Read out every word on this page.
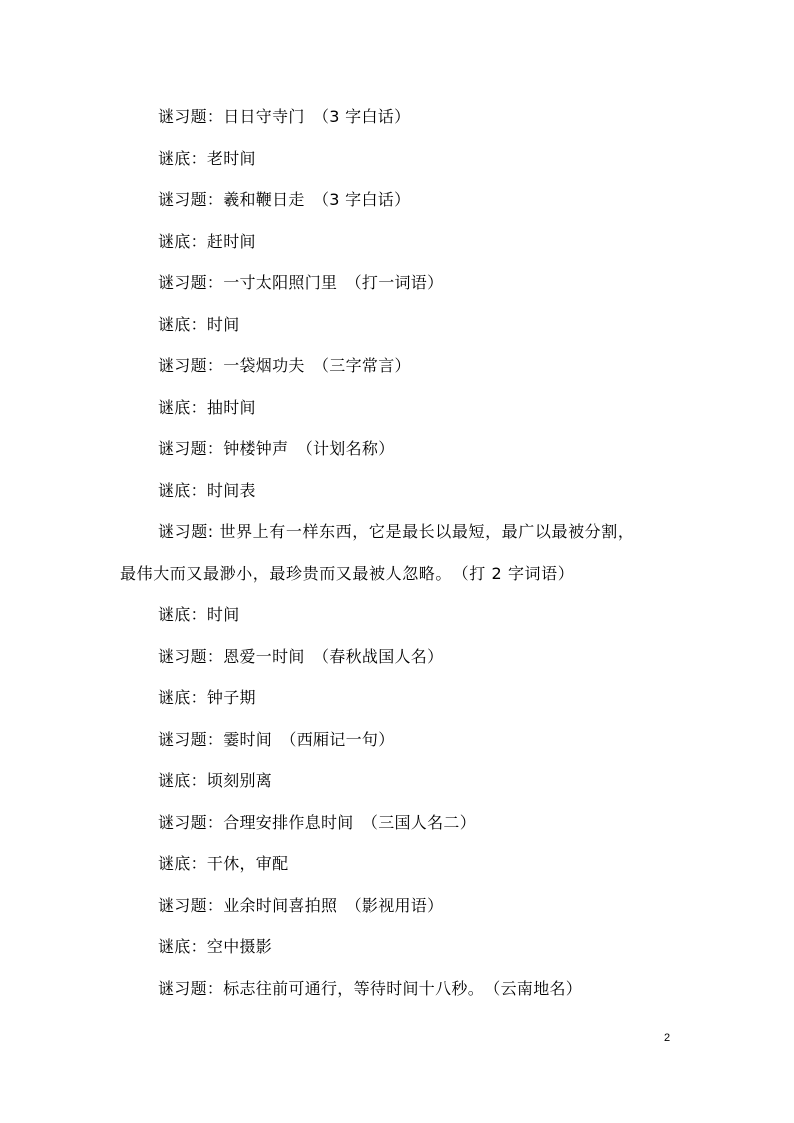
谜习题：日日守寺门　（3 字白话）
谜底：老时间
谜习题：羲和鞭日走　（3 字白话）
谜底：赶时间
谜习题：一寸太阳照门里　（打一词语）
谜底：时间
谜习题：一袋烟功夫　（三字常言）
谜底：抽时间
谜习题：钟楼钟声　（计划名称）
谜底：时间表
谜习题: 世界上有一样东西，它是最长以最短，最广以最被分割，
最伟大而又最渺小，最珍贵而又最被人忽略。　（打 2 字词语）
谜底：时间
谜习题：恩爱一时间　（春秋战国人名）
谜底：钟子期
谜习题：霎时间　（西厢记一句）
谜底：顷刻别离
谜习题：合理安排作息时间　（三国人名二）
谜底：干休，审配
谜习题：业余时间喜拍照　（影视用语）
谜底：空中摄影
谜习题：标志往前可通行，等待时间十八秒。　（云南地名）
2
